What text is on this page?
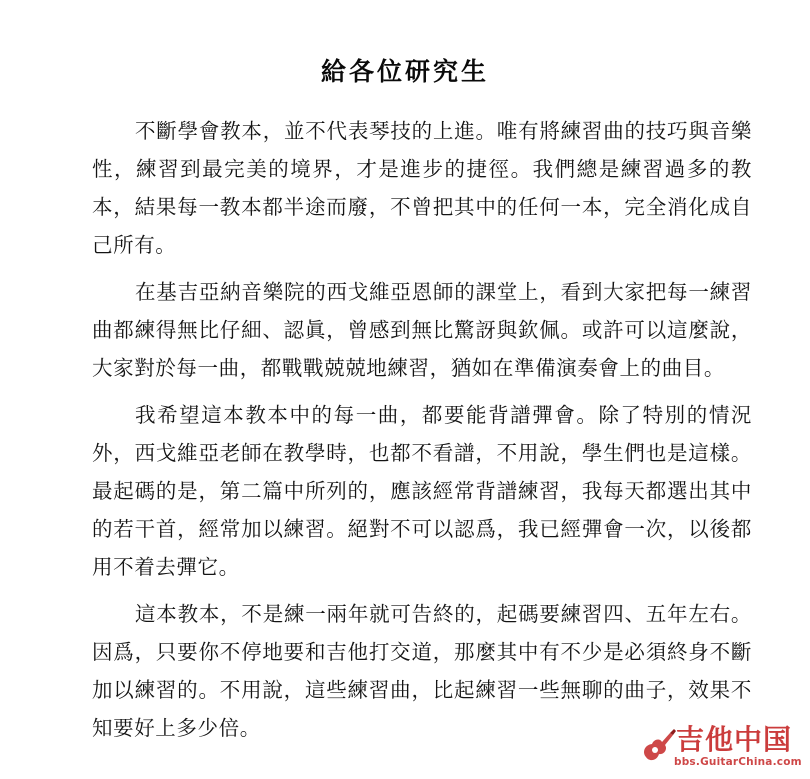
給各位研究生

不斷學會教本，並不代表琴技的上進。唯有將練習曲的技巧與音樂性，練習到最完美的境界，才是進步的捷徑。我們總是練習過多的教本，結果每一教本都半途而廢，不曾把其中的任何一本，完全消化成自己所有。

在基吉亞納音樂院的西戈維亞恩師的課堂上，看到大家把每一練習曲都練得無比仔細、認眞，曾感到無比驚訝與欽佩。或許可以這麼說，大家對於每一曲，都戰戰兢兢地練習，猶如在準備演奏會上的曲目。

我希望這本教本中的每一曲，都要能背譜彈會。除了特別的情況外，西戈維亞老師在教學時，也都不看譜，不用說，學生們也是這樣。最起碼的是，第二篇中所列的，應該經常背譜練習，我每天都選出其中的若干首，經常加以練習。絕對不可以認爲，我已經彈會一次，以後都用不着去彈它。

這本教本，不是練一兩年就可告終的，起碼要練習四、五年左右。因爲，只要你不停地要和吉他打交道，那麼其中有不少是必須終身不斷加以練習的。不用說，這些練習曲，比起練習一些無聊的曲子，效果不知要好上多少倍。	吉他中国
bbs.GuitarChina.com
